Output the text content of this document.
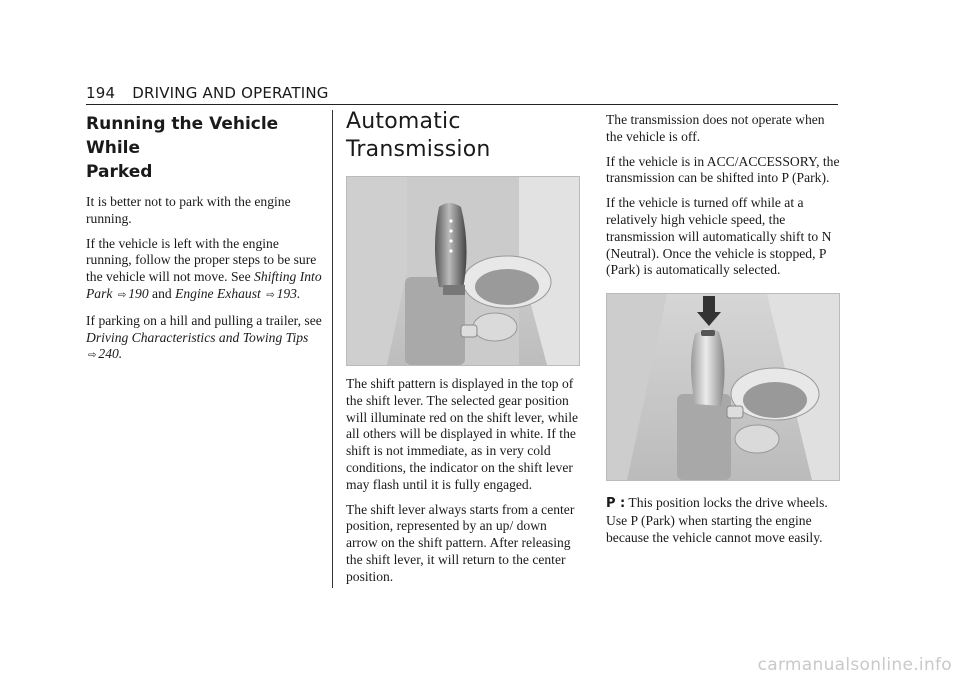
194 DRIVING AND OPERATING
Running the Vehicle While
Parked

It is better not to park with the engine running.

If the vehicle is left with the engine running, follow the proper steps to be sure the vehicle will not move. See Shifting Into Park ⇨ 190 and Engine Exhaust ⇨ 193.

If parking on a hill and pulling a trailer, see Driving Characteristics and Towing Tips ⇨ 240.

Automatic Transmission

The shift pattern is displayed in the top of the shift lever. The selected gear position will illuminate red on the shift lever, while all others will be displayed in white. If the shift is not immediate, as in very cold conditions, the indicator on the shift lever may flash until it is fully engaged.

The shift lever always starts from a center position, represented by an up/ down arrow on the shift pattern. After releasing the shift lever, it will return to the center position.

The transmission does not operate when the vehicle is off.

If the vehicle is in ACC/ACCESSORY, the transmission can be shifted into P (Park).

If the vehicle is turned off while at a relatively high vehicle speed, the transmission will automatically shift to N (Neutral). Once the vehicle is stopped, P (Park) is automatically selected.

P : This position locks the drive wheels. Use P (Park) when starting the engine because the vehicle cannot move easily.

carmanualsonline.info
